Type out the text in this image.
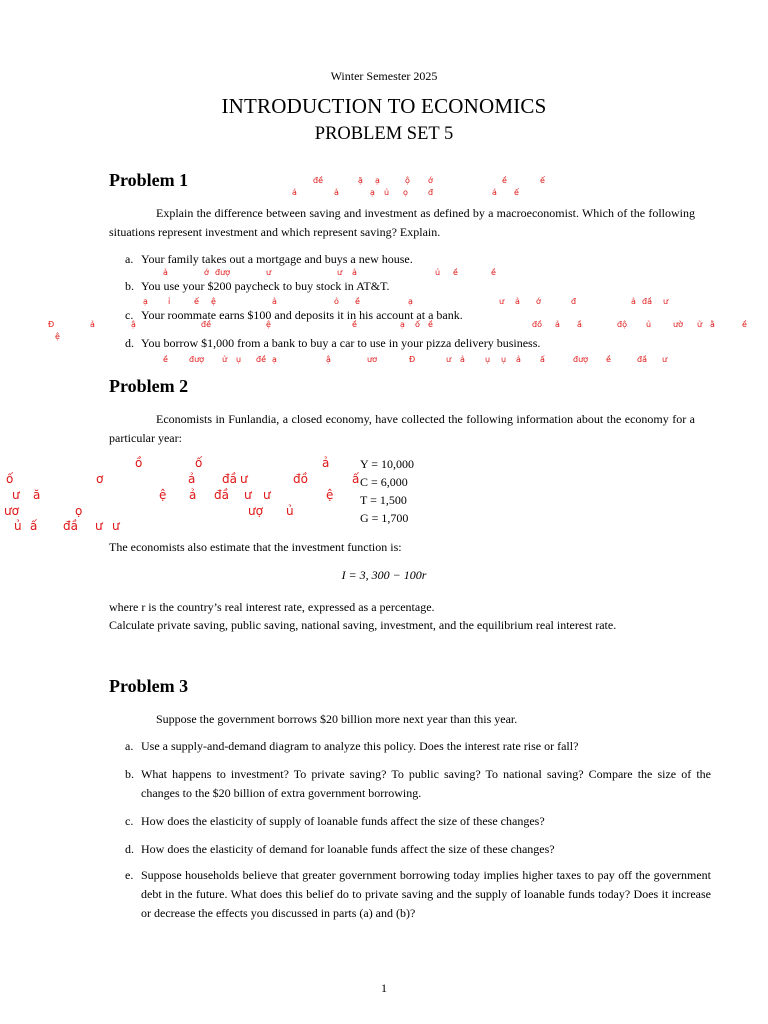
Winter Semester 2025
INTRODUCTION TO ECONOMICS
PROBLEM SET 5
Problem 1	đề	ặ ạ	ộ ớ	ề	ế
ả	ả	ạ ủ ọ	đ	ả ế
Explain the difference between saving and investment as defined by a macroeconomist. Which of the following situations represent investment and which represent saving? Explain.
a. Your family takes out a mortgage and buys a new house.
ả	ớ đượ	ư	ư ả	ủ ề	ề
b. You use your $200 paycheck to buy stock in AT&T.
ạ	ỉ	ế ệ	ả	ỏ ề	ạ	ư ả ớ	đ	ả đầ ư
c. Your roommate earns $100 and deposits it in his account at a bank.
Đ	ả	ậ	đề	ệ	ề	ạ ố ề	đồ ả ầ	độ ủ	ườ ử ằ	ề
ệ	d. You borrow $1,000 from a bank to buy a car to use in your pizza delivery business.
ề	đượ ử ụ đề ạ	ậ	ươ	Đ	ư ả	ụ ụ ả ấ	đượ ề	đầ ư
Problem 2
Economists in Funlandia, a closed economy, have collected the following information about the economy for a particular year:
Y = 10,000
C = 6,000
T = 1,500
G = 1,700
ồ	ố	ả
ố	ơ	ả đầ ư	đồ	ấ
ư ă	ệ ả đầ ư ư	ệ
ươ	ọ	ượ ủ
ủ ấ đầ ư ư
The economists also estimate that the investment function is:
I = 3, 300 − 100r
where r is the country’s real interest rate, expressed as a percentage.
Calculate private saving, public saving, national saving, investment, and the equilibrium real interest rate.
Problem 3
Suppose the government borrows $20 billion more next year than this year.
a. Use a supply-and-demand diagram to analyze this policy. Does the interest rate rise or fall?
b. What happens to investment? To private saving? To public saving? To national saving? Compare the size of the changes to the $20 billion of extra government borrowing.
c. How does the elasticity of supply of loanable funds affect the size of these changes?
d. How does the elasticity of demand for loanable funds affect the size of these changes?
e. Suppose households believe that greater government borrowing today implies higher taxes to pay off the government debt in the future. What does this belief do to private saving and the supply of loanable funds today? Does it increase or decrease the effects you discussed in parts (a) and (b)?
1
